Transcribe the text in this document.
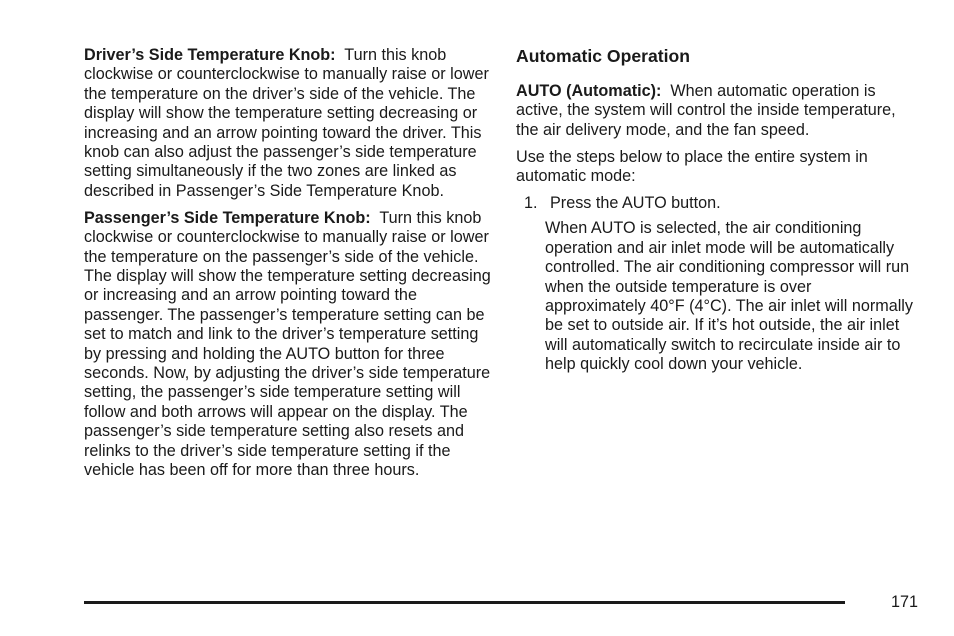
Driver’s Side Temperature Knob: Turn this knob clockwise or counterclockwise to manually raise or lower the temperature on the driver’s side of the vehicle. The display will show the temperature setting decreasing or increasing and an arrow pointing toward the driver. This knob can also adjust the passenger’s side temperature setting simultaneously if the two zones are linked as described in Passenger’s Side Temperature Knob.

Passenger’s Side Temperature Knob: Turn this knob clockwise or counterclockwise to manually raise or lower the temperature on the passenger’s side of the vehicle. The display will show the temperature setting decreasing or increasing and an arrow pointing toward the passenger. The passenger’s temperature setting can be set to match and link to the driver’s temperature setting by pressing and holding the AUTO button for three seconds. Now, by adjusting the driver’s side temperature setting, the passenger’s side temperature setting will follow and both arrows will appear on the display. The passenger’s side temperature setting also resets and relinks to the driver’s side temperature setting if the vehicle has been off for more than three hours.

Automatic Operation

AUTO (Automatic): When automatic operation is active, the system will control the inside temperature, the air delivery mode, and the fan speed.

Use the steps below to place the entire system in automatic mode:

1. Press the AUTO button.

When AUTO is selected, the air conditioning operation and air inlet mode will be automatically controlled. The air conditioning compressor will run when the outside temperature is over approximately 40°F (4°C). The air inlet will normally be set to outside air. If it’s hot outside, the air inlet will automatically switch to recirculate inside air to help quickly cool down your vehicle.

171
